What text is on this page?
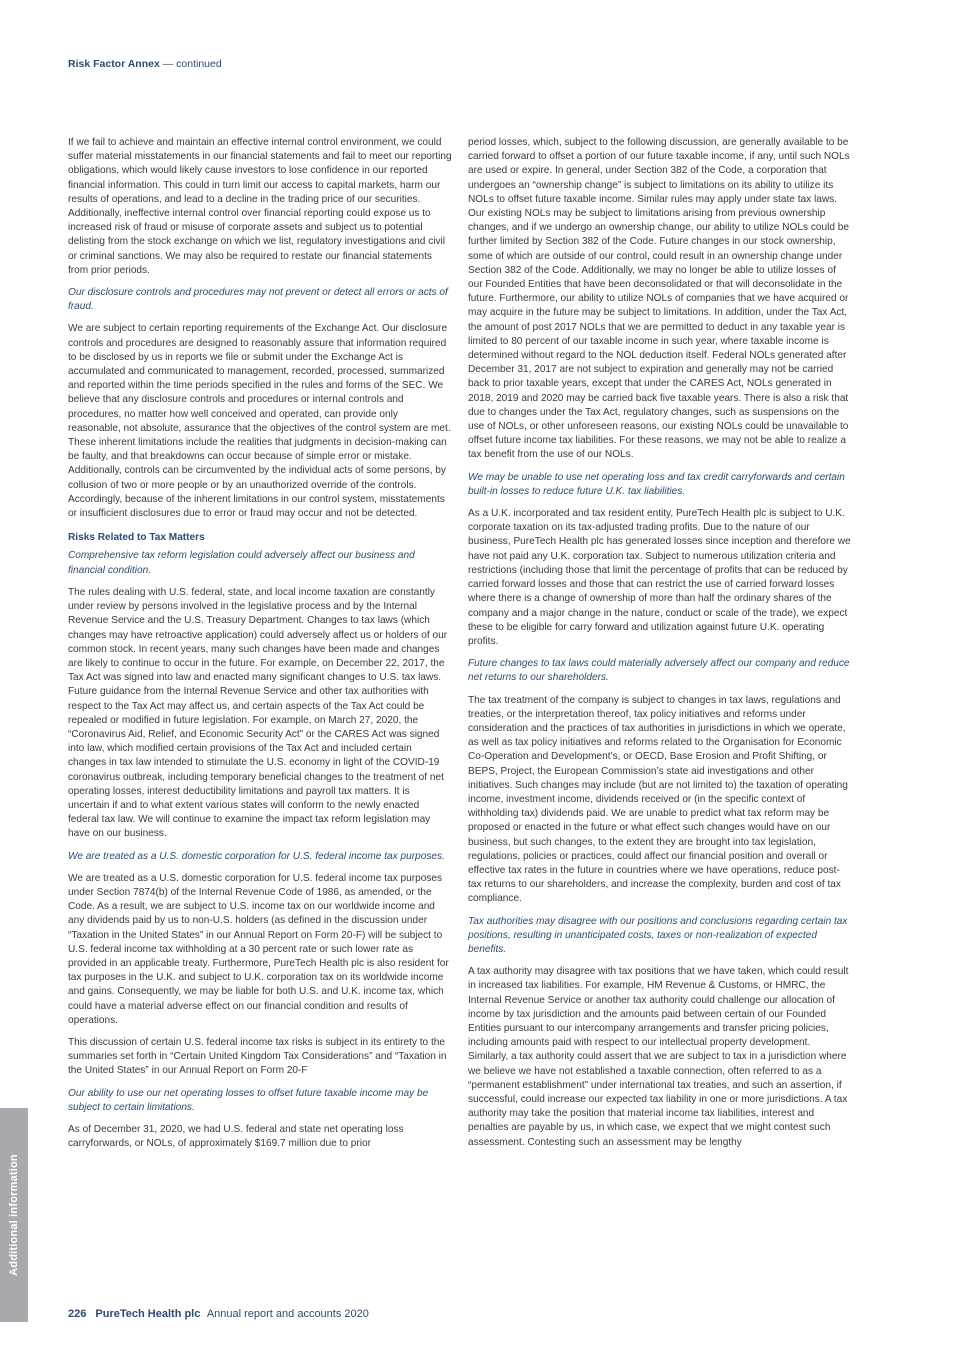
Risk Factor Annex — continued

If we fail to achieve and maintain an effective internal control environment, we could suffer material misstatements in our financial statements and fail to meet our reporting obligations, which would likely cause investors to lose confidence in our reported financial information. This could in turn limit our access to capital markets, harm our results of operations, and lead to a decline in the trading price of our securities. Additionally, ineffective internal control over financial reporting could expose us to increased risk of fraud or misuse of corporate assets and subject us to potential delisting from the stock exchange on which we list, regulatory investigations and civil or criminal sanctions. We may also be required to restate our financial statements from prior periods.

Our disclosure controls and procedures may not prevent or detect all errors or acts of fraud.

We are subject to certain reporting requirements of the Exchange Act. Our disclosure controls and procedures are designed to reasonably assure that information required to be disclosed by us in reports we file or submit under the Exchange Act is accumulated and communicated to management, recorded, processed, summarized and reported within the time periods specified in the rules and forms of the SEC. We believe that any disclosure controls and procedures or internal controls and procedures, no matter how well conceived and operated, can provide only reasonable, not absolute, assurance that the objectives of the control system are met. These inherent limitations include the realities that judgments in decision-making can be faulty, and that breakdowns can occur because of simple error or mistake. Additionally, controls can be circumvented by the individual acts of some persons, by collusion of two or more people or by an unauthorized override of the controls. Accordingly, because of the inherent limitations in our control system, misstatements or insufficient disclosures due to error or fraud may occur and not be detected.

Risks Related to Tax Matters

Comprehensive tax reform legislation could adversely affect our business and financial condition.

The rules dealing with U.S. federal, state, and local income taxation are constantly under review by persons involved in the legislative process and by the Internal Revenue Service and the U.S. Treasury Department. Changes to tax laws (which changes may have retroactive application) could adversely affect us or holders of our common stock. In recent years, many such changes have been made and changes are likely to continue to occur in the future. For example, on December 22, 2017, the Tax Act was signed into law and enacted many significant changes to U.S. tax laws. Future guidance from the Internal Revenue Service and other tax authorities with respect to the Tax Act may affect us, and certain aspects of the Tax Act could be repealed or modified in future legislation. For example, on March 27, 2020, the “Coronavirus Aid, Relief, and Economic Security Act” or the CARES Act was signed into law, which modified certain provisions of the Tax Act and included certain changes in tax law intended to stimulate the U.S. economy in light of the COVID-19 coronavirus outbreak, including temporary beneficial changes to the treatment of net operating losses, interest deductibility limitations and payroll tax matters. It is uncertain if and to what extent various states will conform to the newly enacted federal tax law. We will continue to examine the impact tax reform legislation may have on our business.

We are treated as a U.S. domestic corporation for U.S. federal income tax purposes.

We are treated as a U.S. domestic corporation for U.S. federal income tax purposes under Section 7874(b) of the Internal Revenue Code of 1986, as amended, or the Code. As a result, we are subject to U.S. income tax on our worldwide income and any dividends paid by us to non-U.S. holders (as defined in the discussion under “Taxation in the United States” in our Annual Report on Form 20-F) will be subject to U.S. federal income tax withholding at a 30 percent rate or such lower rate as provided in an applicable treaty. Furthermore, PureTech Health plc is also resident for tax purposes in the U.K. and subject to U.K. corporation tax on its worldwide income and gains. Consequently, we may be liable for both U.S. and U.K. income tax, which could have a material adverse effect on our financial condition and results of operations.

This discussion of certain U.S. federal income tax risks is subject in its entirety to the summaries set forth in “Certain United Kingdom Tax Considerations” and “Taxation in the United States” in our Annual Report on Form 20-F

Our ability to use our net operating losses to offset future taxable income may be subject to certain limitations.

As of December 31, 2020, we had U.S. federal and state net operating loss carryforwards, or NOLs, of approximately $169.7 million due to prior

period losses, which, subject to the following discussion, are generally available to be carried forward to offset a portion of our future taxable income, if any, until such NOLs are used or expire. In general, under Section 382 of the Code, a corporation that undergoes an “ownership change” is subject to limitations on its ability to utilize its NOLs to offset future taxable income. Similar rules may apply under state tax laws.

Our existing NOLs may be subject to limitations arising from previous ownership changes, and if we undergo an ownership change, our ability to utilize NOLs could be further limited by Section 382 of the Code. Future changes in our stock ownership, some of which are outside of our control, could result in an ownership change under Section 382 of the Code. Additionally, we may no longer be able to utilize losses of our Founded Entities that have been deconsolidated or that will deconsolidate in the future. Furthermore, our ability to utilize NOLs of companies that we have acquired or may acquire in the future may be subject to limitations. In addition, under the Tax Act, the amount of post 2017 NOLs that we are permitted to deduct in any taxable year is limited to 80 percent of our taxable income in such year, where taxable income is determined without regard to the NOL deduction itself. Federal NOLs generated after December 31, 2017 are not subject to expiration and generally may not be carried back to prior taxable years, except that under the CARES Act, NOLs generated in 2018, 2019 and 2020 may be carried back five taxable years. There is also a risk that due to changes under the Tax Act, regulatory changes, such as suspensions on the use of NOLs, or other unforeseen reasons, our existing NOLs could be unavailable to offset future income tax liabilities. For these reasons, we may not be able to realize a tax benefit from the use of our NOLs.

We may be unable to use net operating loss and tax credit carryforwards and certain built-in losses to reduce future U.K. tax liabilities.

As a U.K. incorporated and tax resident entity, PureTech Health plc is subject to U.K. corporate taxation on its tax-adjusted trading profits. Due to the nature of our business, PureTech Health plc has generated losses since inception and therefore we have not paid any U.K. corporation tax. Subject to numerous utilization criteria and restrictions (including those that limit the percentage of profits that can be reduced by carried forward losses and those that can restrict the use of carried forward losses where there is a change of ownership of more than half the ordinary shares of the company and a major change in the nature, conduct or scale of the trade), we expect these to be eligible for carry forward and utilization against future U.K. operating profits.

Future changes to tax laws could materially adversely affect our company and reduce net returns to our shareholders.

The tax treatment of the company is subject to changes in tax laws, regulations and treaties, or the interpretation thereof, tax policy initiatives and reforms under consideration and the practices of tax authorities in jurisdictions in which we operate, as well as tax policy initiatives and reforms related to the Organisation for Economic Co-Operation and Development’s, or OECD, Base Erosion and Profit Shifting, or BEPS, Project, the European Commission’s state aid investigations and other initiatives. Such changes may include (but are not limited to) the taxation of operating income, investment income, dividends received or (in the specific context of withholding tax) dividends paid. We are unable to predict what tax reform may be proposed or enacted in the future or what effect such changes would have on our business, but such changes, to the extent they are brought into tax legislation, regulations, policies or practices, could affect our financial position and overall or effective tax rates in the future in countries where we have operations, reduce post-tax returns to our shareholders, and increase the complexity, burden and cost of tax compliance.

Tax authorities may disagree with our positions and conclusions regarding certain tax positions, resulting in unanticipated costs, taxes or non-realization of expected benefits.

A tax authority may disagree with tax positions that we have taken, which could result in increased tax liabilities. For example, HM Revenue & Customs, or HMRC, the Internal Revenue Service or another tax authority could challenge our allocation of income by tax jurisdiction and the amounts paid between certain of our Founded Entities pursuant to our intercompany arrangements and transfer pricing policies, including amounts paid with respect to our intellectual property development. Similarly, a tax authority could assert that we are subject to tax in a jurisdiction where we believe we have not established a taxable connection, often referred to as a “permanent establishment” under international tax treaties, and such an assertion, if successful, could increase our expected tax liability in one or more jurisdictions. A tax authority may take the position that material income tax liabilities, interest and penalties are payable by us, in which case, we expect that we might contest such assessment. Contesting such an assessment may be lengthy

Additional information
226 PureTech Health plc Annual report and accounts 2020
